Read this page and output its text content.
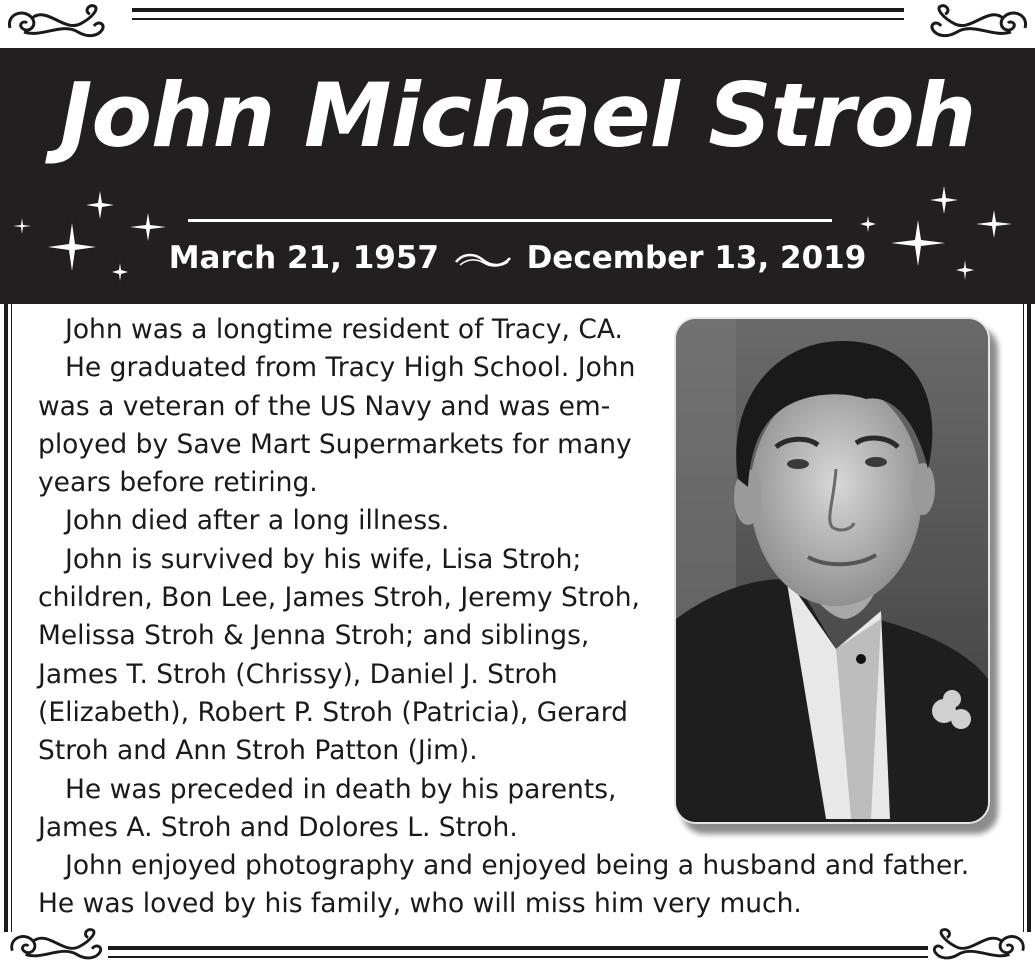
John Michael Stroh
March 21, 1957	December 13, 2019
John was a longtime resident of Tracy, CA.
He graduated from Tracy High School. John
was a veteran of the US Navy and was em-
ployed by Save Mart Supermarkets for many
years before retiring.
John died after a long illness.
John is survived by his wife, Lisa Stroh;
children, Bon Lee, James Stroh, Jeremy Stroh,
Melissa Stroh & Jenna Stroh; and siblings,
James T. Stroh (Chrissy), Daniel J. Stroh
(Elizabeth), Robert P. Stroh (Patricia), Gerard
Stroh and Ann Stroh Patton (Jim).
He was preceded in death by his parents,
James A. Stroh and Dolores L. Stroh.
John enjoyed photography and enjoyed being a husband and father.
He was loved by his family, who will miss him very much.
